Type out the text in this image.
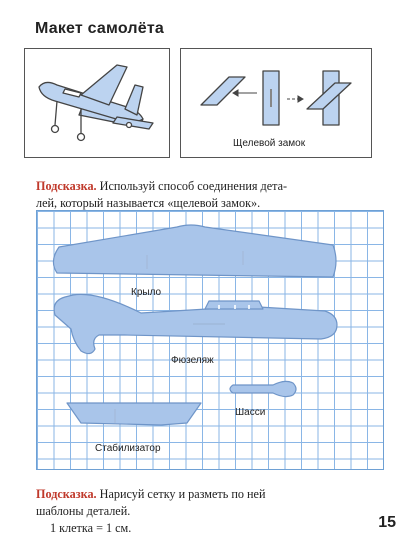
Макет самолёта
Щелевой замок
Подсказка. Используй способ соединения дета-
лей, который называется «щелевой замок».
Крыло
Фюзеляж
Шасси
Стабилизатор
Подсказка. Нарисуй сетку и разметь по ней
шаблоны деталей.
1 клетка = 1 см.	15
